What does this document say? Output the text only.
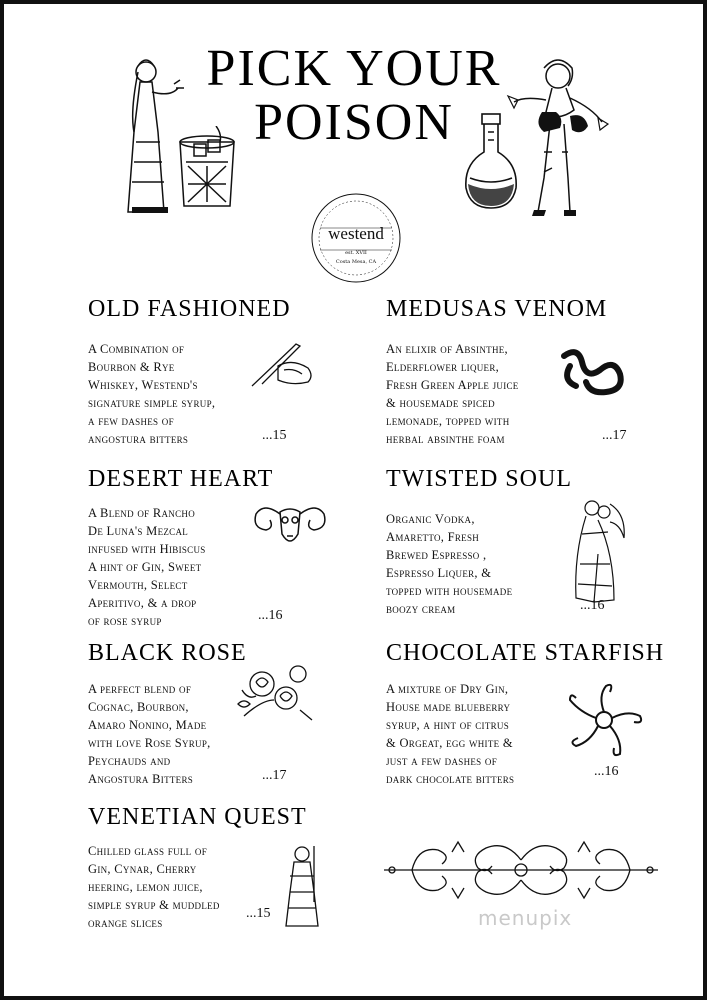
PICK YOUR
POISON
westend
est. XVII
Costa Mesa, CA
OLD FASHIONED
A Combination of
Bourbon & Rye
Whiskey, Westend's
signature simple syrup,
a few dashes of
angostura bitters	...15
MEDUSAS VENOM
An elixir of Absinthe,
Elderflower liquer,
Fresh Green Apple juice
& housemade spiced
lemonade, topped with
herbal absinthe foam	...17
DESERT HEART
A Blend of Rancho
De Luna's Mezcal
infused with Hibiscus
A hint of Gin, Sweet
Vermouth, Select
Aperitivo, & a drop
of rose syrup	...16
TWISTED SOUL
Organic Vodka,
Amaretto, Fresh
Brewed Espresso ,
Espresso Liquer, &
topped with housemade
boozy cream	...16
BLACK ROSE
A perfect blend of
Cognac, Bourbon,
Amaro Nonino, Made
with love Rose Syrup,
Peychauds and
Angostura Bitters	...17
CHOCOLATE STARFISH
A mixture of Dry Gin,
House made blueberry
syrup, a hint of citrus
& Orgeat, egg white &
just a few dashes of
dark chocolate bitters	...16
VENETIAN QUEST
Chilled glass full of
Gin, Cynar, Cherry
heering, lemon juice,
simple syrup & muddled
orange slices
...15	menupix
